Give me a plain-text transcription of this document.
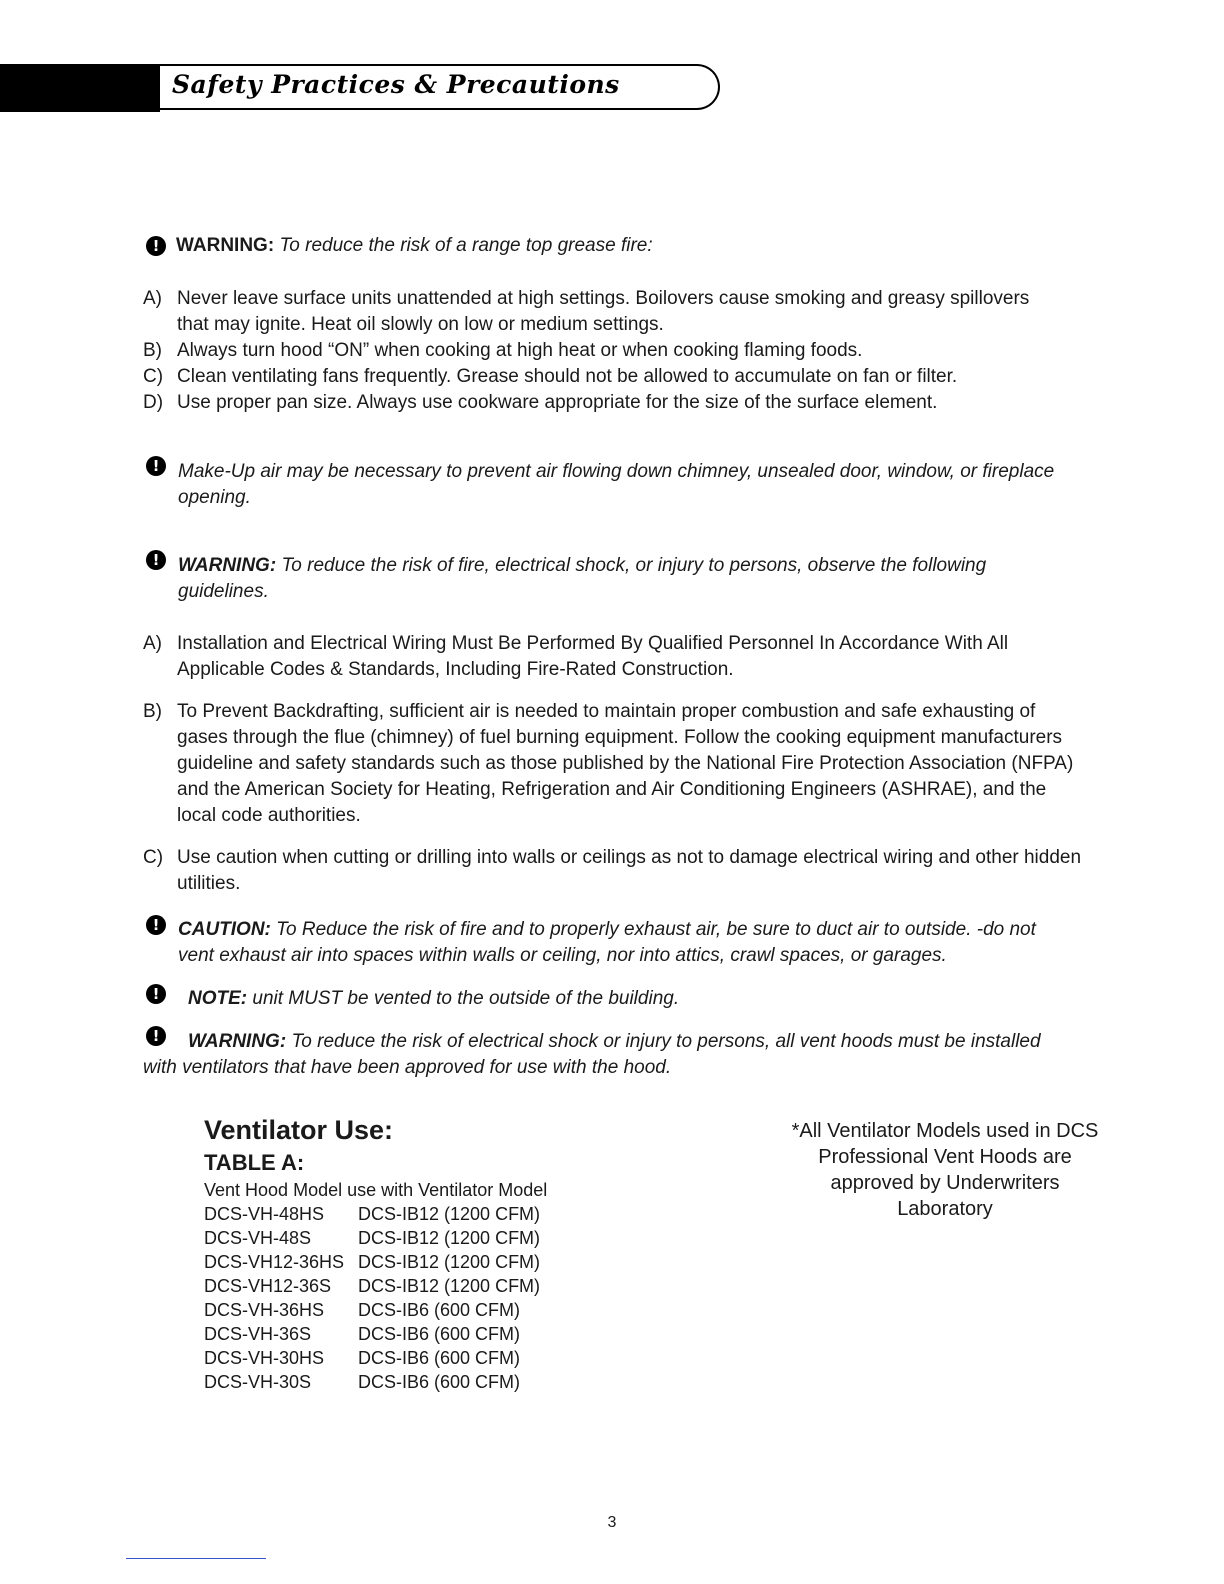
Safety Practices & Precautions
! WARNING: To reduce the risk of a range top grease fire:
A) Never leave surface units unattended at high settings. Boilovers cause smoking and greasy spillovers that may ignite. Heat oil slowly on low or medium settings.
B) Always turn hood “ON” when cooking at high heat or when cooking flaming foods.
C) Clean ventilating fans frequently. Grease should not be allowed to accumulate on fan or filter.
D) Use proper pan size. Always use cookware appropriate for the size of the surface element.
! Make-Up air may be necessary to prevent air flowing down chimney, unsealed door, window, or fireplace opening.
! WARNING: To reduce the risk of fire, electrical shock, or injury to persons, observe the following guidelines.
A) Installation and Electrical Wiring Must Be Performed By Qualified Personnel In Accordance With All Applicable Codes & Standards, Including Fire-Rated Construction.
B) To Prevent Backdrafting, sufficient air is needed to maintain proper combustion and safe exhausting of gases through the flue (chimney) of fuel burning equipment. Follow the cooking equipment manufacturers guideline and safety standards such as those published by the National Fire Protection Association (NFPA) and the American Society for Heating, Refrigeration and Air Conditioning Engineers (ASHRAE), and the local code authorities.
C) Use caution when cutting or drilling into walls or ceilings as not to damage electrical wiring and other hidden utilities.
! CAUTION: To Reduce the risk of fire and to properly exhaust air, be sure to duct air to outside. -do not vent exhaust air into spaces within walls or ceiling, nor into attics, crawl spaces, or garages.
!	NOTE: unit MUST be vented to the outside of the building.
!	WARNING: To reduce the risk of electrical shock or injury to persons, all vent hoods must be installed with ventilators that have been approved for use with the hood.
Ventilator Use:
TABLE A:
Vent Hood Model use with Ventilator Model
DCS-VH-48HS DCS-IB12 (1200 CFM)
DCS-VH-48S	DCS-IB12 (1200 CFM)
DCS-VH12-36HS DCS-IB12 (1200 CFM)
DCS-VH12-36S DCS-IB12 (1200 CFM)
DCS-VH-36HS DCS-IB6 (600 CFM)
DCS-VH-36S	DCS-IB6 (600 CFM)
DCS-VH-30HS DCS-IB6 (600 CFM)
DCS-VH-30S	DCS-IB6 (600 CFM)
*All Ventilator Models used in DCS Professional Vent Hoods are approved by Underwriters Laboratory
3
